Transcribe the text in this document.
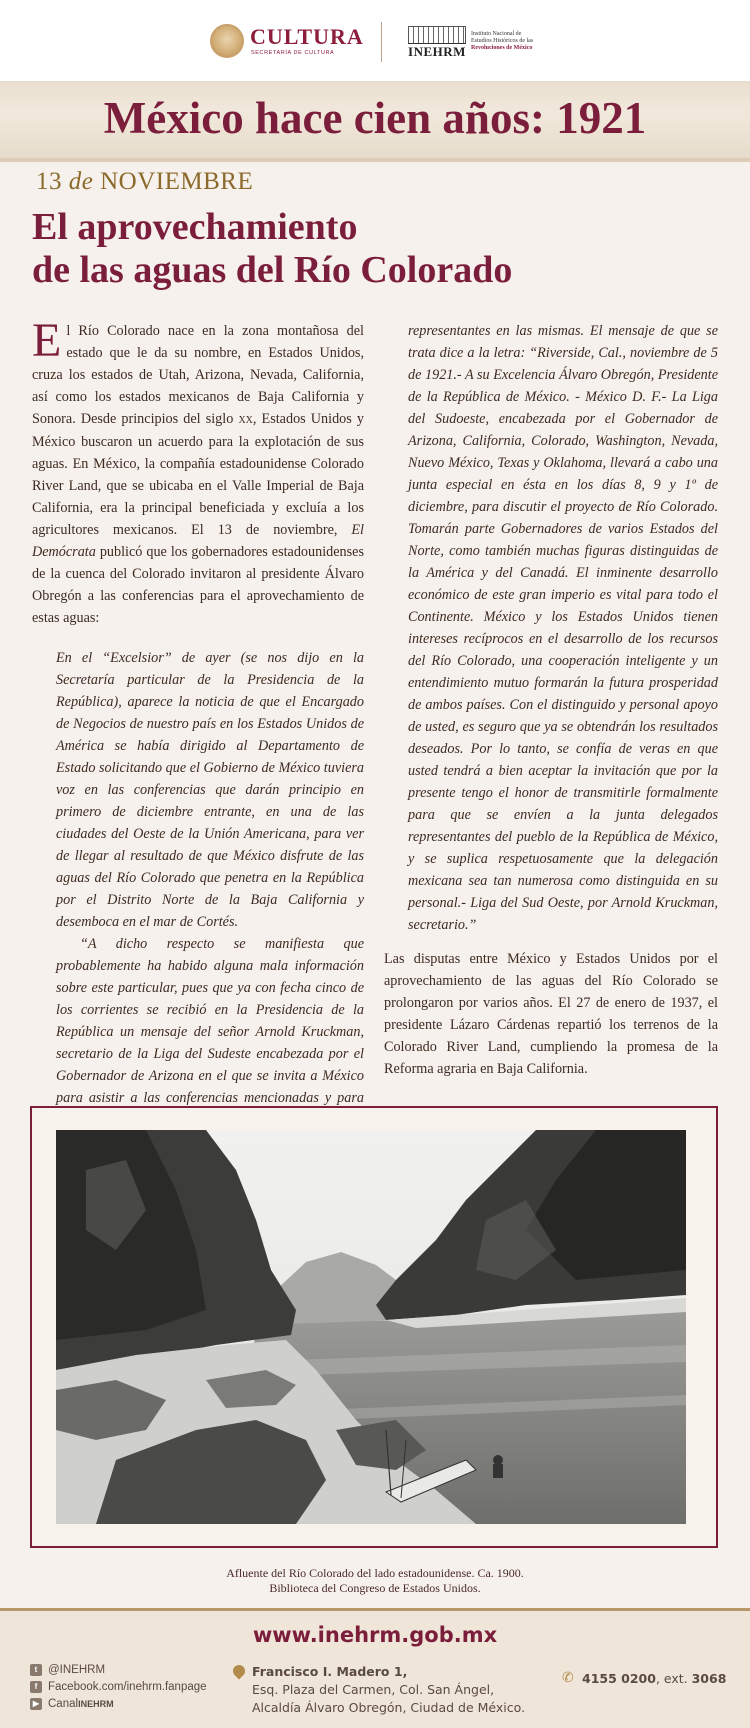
CULTURA
SECRETARÍA DE CULTURA	INEHRM
Instituto Nacional de
Estudios Históricos de las
Revoluciones de México
México hace cien años: 1921
13 de NOVIEMBRE
El aprovechamiento
de las aguas del Río Colorado

El Río Colorado nace en la zona montañosa del estado que le da su nombre, en Estados Unidos, cruza los estados de Utah, Arizona, Nevada, California, así como los estados mexicanos de Baja California y Sonora. Desde principios del siglo xx, Estados Unidos y México buscaron un acuerdo para la explotación de sus aguas. En México, la compañía estadounidense Colorado River Land, que se ubicaba en el Valle Imperial de Baja California, era la principal beneficiada y excluía a los agricultores mexicanos. El 13 de noviembre, El Demócrata publicó que los gobernadores estadounidenses de la cuenca del Colorado invitaron al presidente Álvaro Obregón a las conferencias para el aprovechamiento de estas aguas:

En el “Excelsior” de ayer (se nos dijo en la Secretaría particular de la Presidencia de la República), aparece la noticia de que el Encargado de Negocios de nuestro país en los Estados Unidos de América se había dirigido al Departamento de Estado solicitando que el Gobierno de México tuviera voz en las conferencias que darán principio en primero de diciembre entrante, en una de las ciudades del Oeste de la Unión Americana, para ver de llegar al resultado de que México disfrute de las aguas del Río Colorado que penetra en la República por el Distrito Norte de la Baja California y desemboca en el mar de Cortés.

“A dicho respecto se manifiesta que probablemente ha habido alguna mala información sobre este particular, pues que ya con fecha cinco de los corrientes se recibió en la Presidencia de la República un mensaje del señor Arnold Kruckman, secretario de la Liga del Sudeste encabezada por el Gobernador de Arizona en el que se invita a México para asistir a las conferencias mencionadas y para

representantes en las mismas. El mensaje de que se trata dice a la letra: “Riverside, Cal., noviembre de 5 de 1921.- A su Excelencia Álvaro Obregón, Presidente de la República de México. - México D. F.- La Liga del Sudoeste, encabezada por el Gobernador de Arizona, California, Colorado, Washington, Nevada, Nuevo México, Texas y Oklahoma, llevará a cabo una junta especial en ésta en los días 8, 9 y 1º de diciembre, para discutir el proyecto de Río Colorado. Tomarán parte Gobernadores de varios Estados del Norte, como también muchas figuras distinguidas de la América y del Canadá. El inminente desarrollo económico de este gran imperio es vital para todo el Continente. México y los Estados Unidos tienen intereses recíprocos en el desarrollo de los recursos del Río Colorado, una cooperación inteligente y un entendimiento mutuo formarán la futura prosperidad de ambos países. Con el distinguido y personal apoyo de usted, es seguro que ya se obtendrán los resultados deseados. Por lo tanto, se confía de veras en que usted tendrá a bien aceptar la invitación que por la presente tengo el honor de transmitirle formalmente para que se envíen a la junta delegados representantes del pueblo de la República de México, y se suplica respetuosamente que la delegación mexicana sea tan numerosa como distinguida en su personal.- Liga del Sud Oeste, por Arnold Kruckman, secretario.”

Las disputas entre México y Estados Unidos por el aprovechamiento de las aguas del Río Colorado se prolongaron por varios años. El 27 de enero de 1937, el presidente Lázaro Cárdenas repartió los terrenos de la Colorado River Land, cumpliendo la promesa de la Reforma agraria en Baja California.

Afluente del Río Colorado del lado estadounidense. Ca. 1900.
Biblioteca del Congreso de Estados Unidos.
www.inehrm.gob.mx
t @INEHRM
f Facebook.com/inehrm.fanpage
▶ Canal INEHRM
Francisco I. Madero 1,
Esq. Plaza del Carmen, Col. San Ángel,
Alcaldía Álvaro Obregón, Ciudad de México.
✆ 4155 0200, ext. 3068
